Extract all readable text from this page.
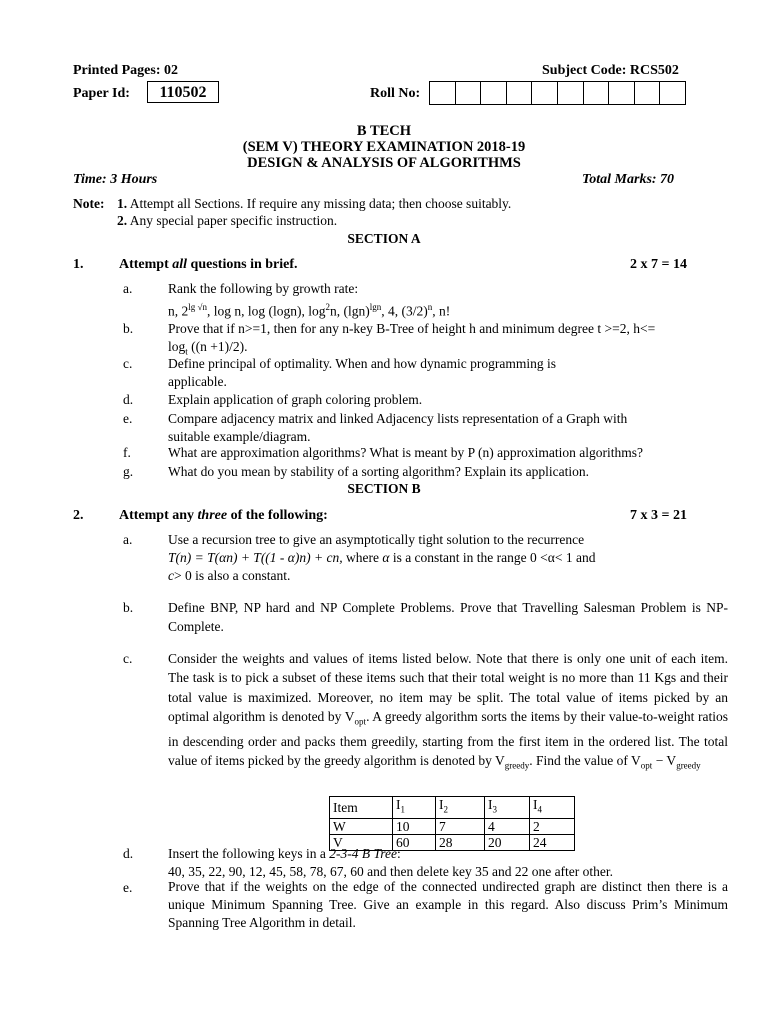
Printed Pages: 02	Subject Code: RCS502
Paper Id:	110502	Roll No:
B TECH
(SEM V) THEORY EXAMINATION 2018-19
DESIGN & ANALYSIS OF ALGORITHMS
Time: 3 Hours	Total Marks: 70
Note: 1. Attempt all Sections. If require any missing data; then choose suitably.
2. Any special paper specific instruction.
SECTION A
1.	Attempt all questions in brief.	2 x 7 = 14
a.	Rank the following by growth rate:
n, $2^{lg √n}$, log n, log (logn), $\log^2n$, $(\lg n)^{lgn}$, 4, $(3/2)^n$, n!
b.	Prove that if n>=1, then for any n-key B-Tree of height h and minimum degree t >=2, h<=
$\log_t ((n +1)/2)$.
c.	Define principal of optimality. When and how dynamic programming is
applicable.
d.	Explain application of graph coloring problem.
e.	Compare adjacency matrix and linked Adjacency lists representation of a Graph with
suitable example/diagram.
f.	What are approximation algorithms? What is meant by P (n) approximation algorithms?
g.	What do you mean by stability of a sorting algorithm? Explain its application.
SECTION B
2.	Attempt any three of the following:	7 x 3 = 21
a.	Use a recursion tree to give an asymptotically tight solution to the recurrence
T(n) = T(αn) + T((1 - α)n) + cn, where α is a constant in the range 0 <α< 1 and
c> 0 is also a constant.
b.	Define BNP, NP hard and NP Complete Problems. Prove that Travelling Salesman Problem is NP-Complete.
c.	Consider the weights and values of items listed below. Note that there is only one unit of each item. The task is to pick a subset of these items such that their total weight is no more than 11 Kgs and their total value is maximized. Moreover, no item may be split. The total value of items picked by an optimal algorithm is denoted by $V_{opt}$. A greedy algorithm sorts the items by their value-to-weight ratios in descending order and packs them greedily, starting from the first item in the ordered list. The total value of items picked by the greedy algorithm is denoted by $V_{greedy}$. Find the value of $V_{opt} - V_{greedy}$
Item	$I_1$	$I_2$	$I_3$	$I_4$
W	10	7	4	2
V	60	28	20	24
d.	Insert the following keys in a 2-3-4 B Tree:
40, 35, 22, 90, 12, 45, 58, 78, 67, 60 and then delete key 35 and 22 one after other.
e.	Prove that if the weights on the edge of the connected undirected graph are distinct then there is a unique Minimum Spanning Tree. Give an example in this regard. Also discuss Prim’s Minimum Spanning Tree Algorithm in detail.
